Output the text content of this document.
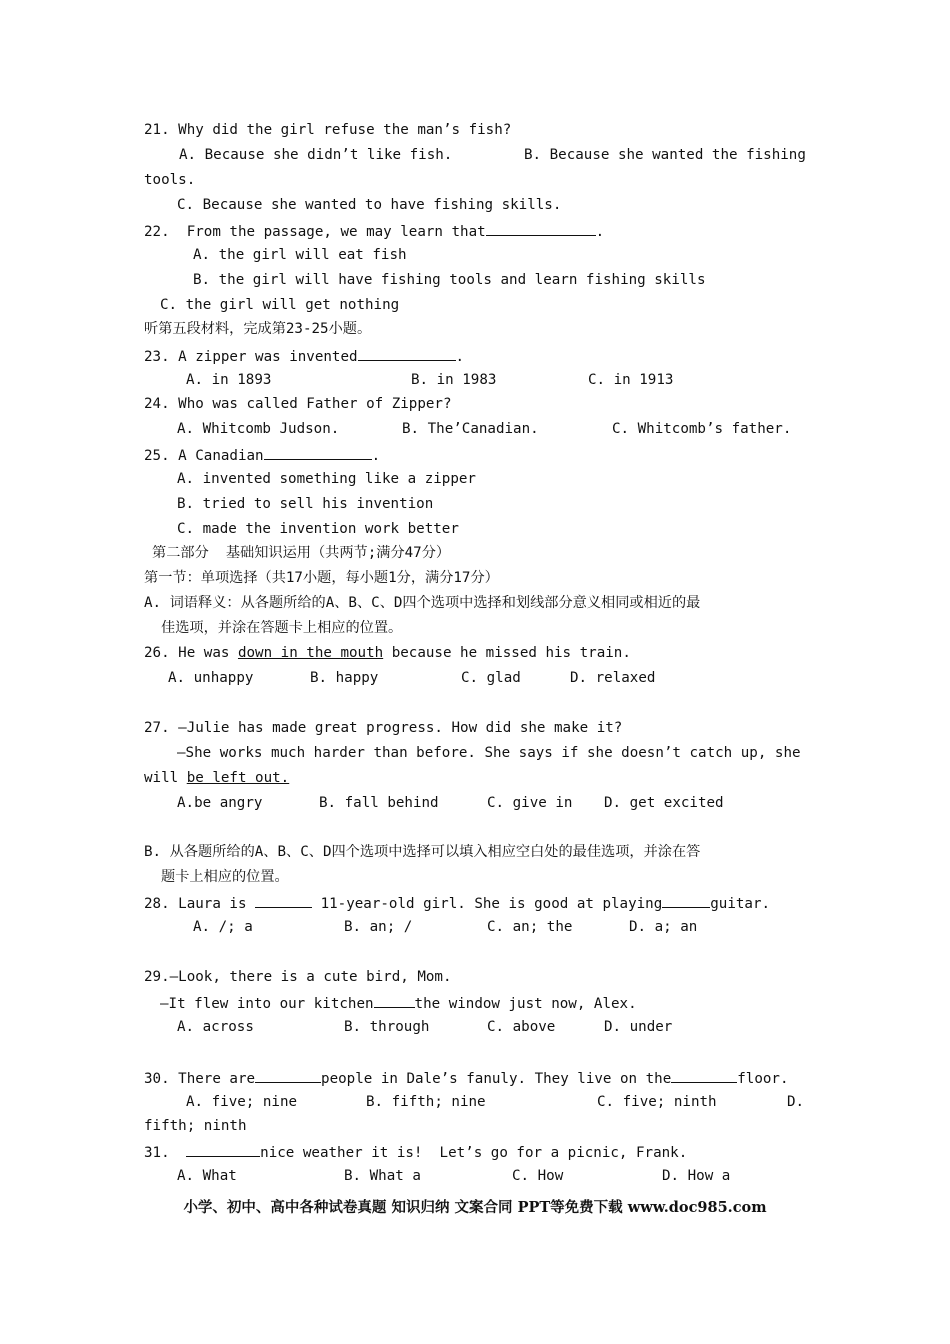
21. Why did the girl refuse the man’s fish?
A. Because she didn’t like fish.	B. Because she wanted the fishing
tools.
C. Because she wanted to have fishing skills.
22.  From the passage, we may learn that	.
A. the girl will eat fish
B. the girl will have fishing tools and learn fishing skills
C. the girl will get nothing
听第五段材料，完成第23-25小题。
23. A zipper was invented	.
A. in 1893	B. in 1983	C. in 1913
24. Who was called Father of Zipper?
A. Whitcomb Judson.	B. The’Canadian.	C. Whitcomb’s father.
25. A Canadian	.
A. invented something like a zipper
B. tried to sell his invention
C. made the invention work better
第二部分  基础知识运用（共两节;满分47分）
第一节：单项选择（共17小题，每小题1分，满分17分）
A. 词语释义：从各题所给的A、B、C、D四个选项中选择和划线部分意义相同或相近的最
佳选项，并涂在答题卡上相应的位置。
26. He was down in the mouth because he missed his train.
A. unhappy	B. happy	C. glad	D. relaxed
27. —Julie has made great progress. How did she make it?
—She works much harder than before. She says if she doesn’t catch up, she
will be left out.
A.be angry	B. fall behind	C. give in D. get excited
B. 从各题所给的A、B、C、D四个选项中选择可以填入相应空白处的最佳选项，并涂在答
题卡上相应的位置。
28. Laura is	11-year-old girl. She is good at playing	guitar.
A. /; a	B. an; /	C. an; the	D. a; an
29.—Look, there is a cute bird, Mom.
—It flew into our kitchen	the window just now, Alex.
A. across	B. through	C. above	D. under
30. There are	people in Dale’s fanuly. They live on the	floor.
A. five; nine	B. fifth; nine	C. five; ninth	D.
fifth; ninth
31.	nice weather it is!  Let’s go for a picnic, Frank.
A. What	B. What a	C. How	D. How a
小学、初中、高中各种试卷真题 知识归纳 文案合同 PPT等免费下载 www.doc985.com
